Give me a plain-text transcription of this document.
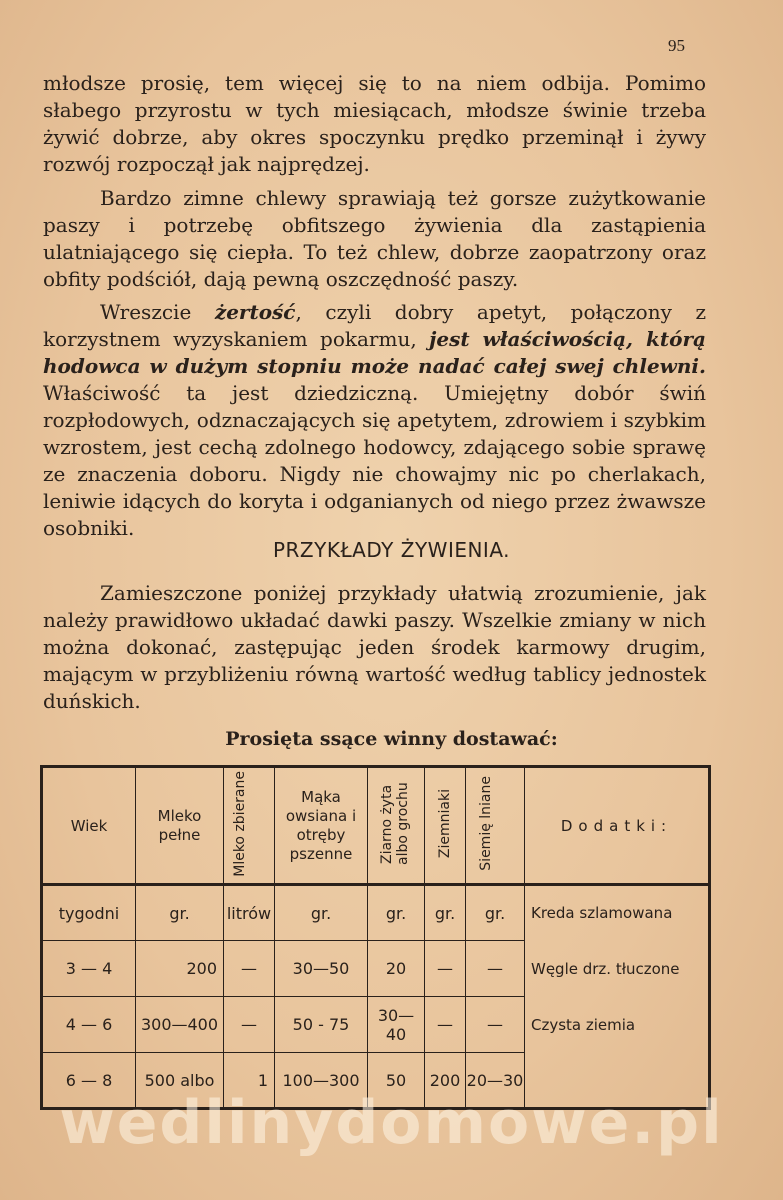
95

młodsze prosię, tem więcej się to na niem odbija. Pomimo słabego przyrostu w tych miesiącach, młodsze świnie trzeba żywić dobrze, aby okres spoczynku prędko przeminął i żywy rozwój rozpoczął jak najprędzej.

Bardzo zimne chlewy sprawiają też gorsze zużytkowanie paszy i potrzebę obfitszego żywienia dla zastąpienia ulatniającego się ciepła. To też chlew, dobrze zaopatrzony oraz obfity podściół, dają pewną oszczędność paszy.

Wreszcie żertość, czyli dobry apetyt, połączony z korzystnem wyzyskaniem pokarmu, jest właściwością, którą hodowca w dużym stopniu może nadać całej swej chlewni. Właściwość ta jest dziedziczną. Umiejętny dobór świń rozpłodowych, odznaczających się apetytem, zdrowiem i szybkim wzrostem, jest cechą zdolnego hodowcy, zdającego sobie sprawę ze znaczenia doboru. Nigdy nie chowajmy nic po cherlakach, leniwie idących do koryta i odganianych od niego przez żwawsze osobniki.

PRZYKŁADY ŻYWIENIA.

Zamieszczone poniżej przykłady ułatwią zrozumienie, jak należy prawidłowo układać dawki paszy. Wszelkie zmiany w nich można dokonać, zastępując jeden środek karmowy drugim, mającym w przybliżeniu równą wartość według tablicy jednostek duńskich.

Prosięta ssące winny dostawać:
Wiek	Mleko pełne	Mleko zbierane	Mąka owsiana i otręby pszenne	Ziarno żyta albo grochu	Ziemniaki	Siemię lniane	Dodatki:
tygodni	gr.	litrów	gr.	gr.	gr.	gr.	Kreda szlamowana
3 — 4	200	—	30—50	20	—	—	Węgle drz. tłuczone
4 — 6	300—400	—	50 - 75	30—40	—	—	Czysta ziemia
6 — 8	500 albo	1	100—300	50	200	20—30	
wedlinydomowe.pl
